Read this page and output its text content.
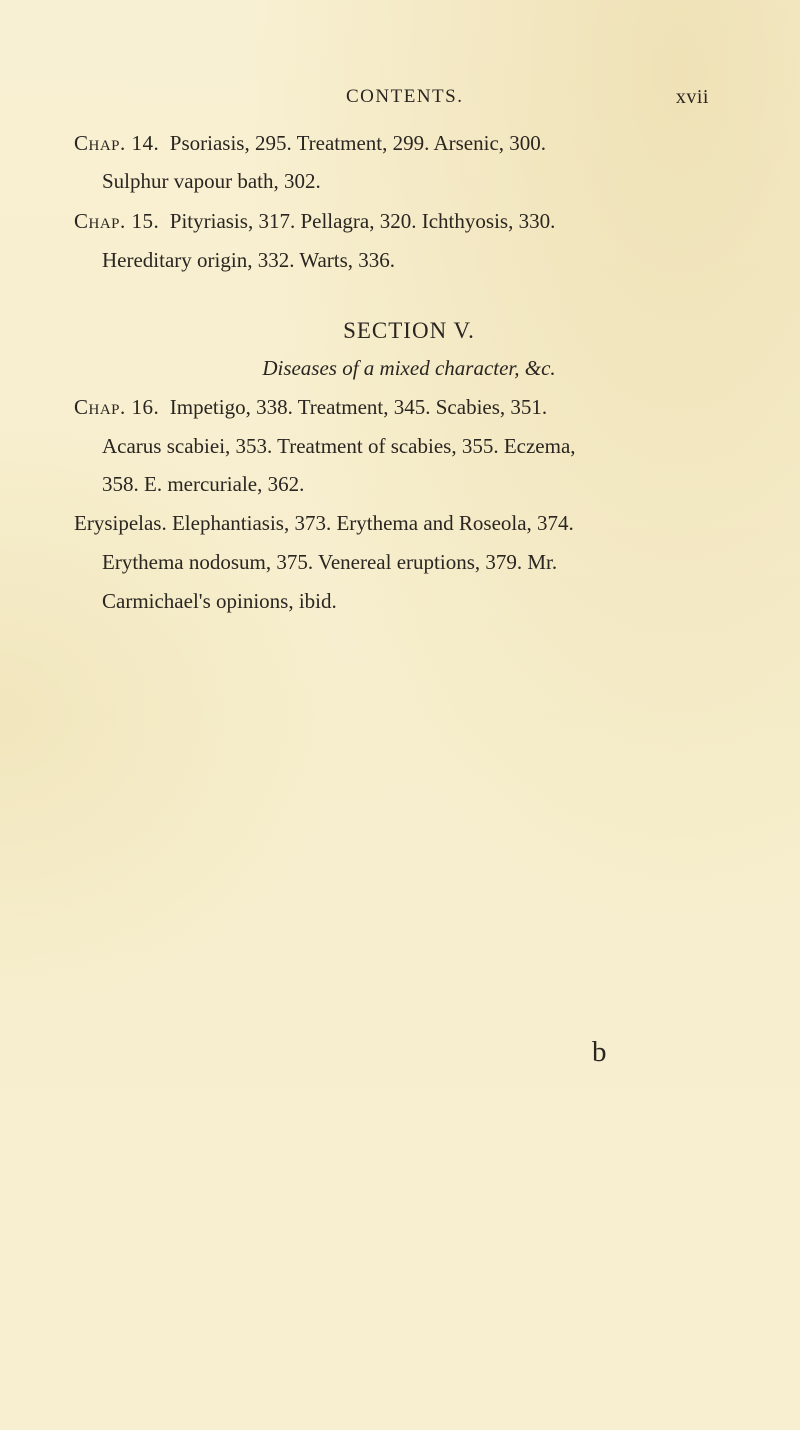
CONTENTS.	xvii
Chap. 14. Psoriasis, 295. Treatment, 299. Arsenic, 300.
Sulphur vapour bath, 302.
Chap. 15. Pityriasis, 317. Pellagra, 320. Ichthyosis, 330.
Hereditary origin, 332. Warts, 336.
SECTION V.
Diseases of a mixed character, &c.
Chap. 16. Impetigo, 338. Treatment, 345. Scabies, 351.
Acarus scabiei, 353. Treatment of scabies, 355. Eczema,
358. E. mercuriale, 362.
Erysipelas. Elephantiasis, 373. Erythema and Roseola, 374.
Erythema nodosum, 375. Venereal eruptions, 379. Mr.
Carmichael's opinions, ibid.
b
